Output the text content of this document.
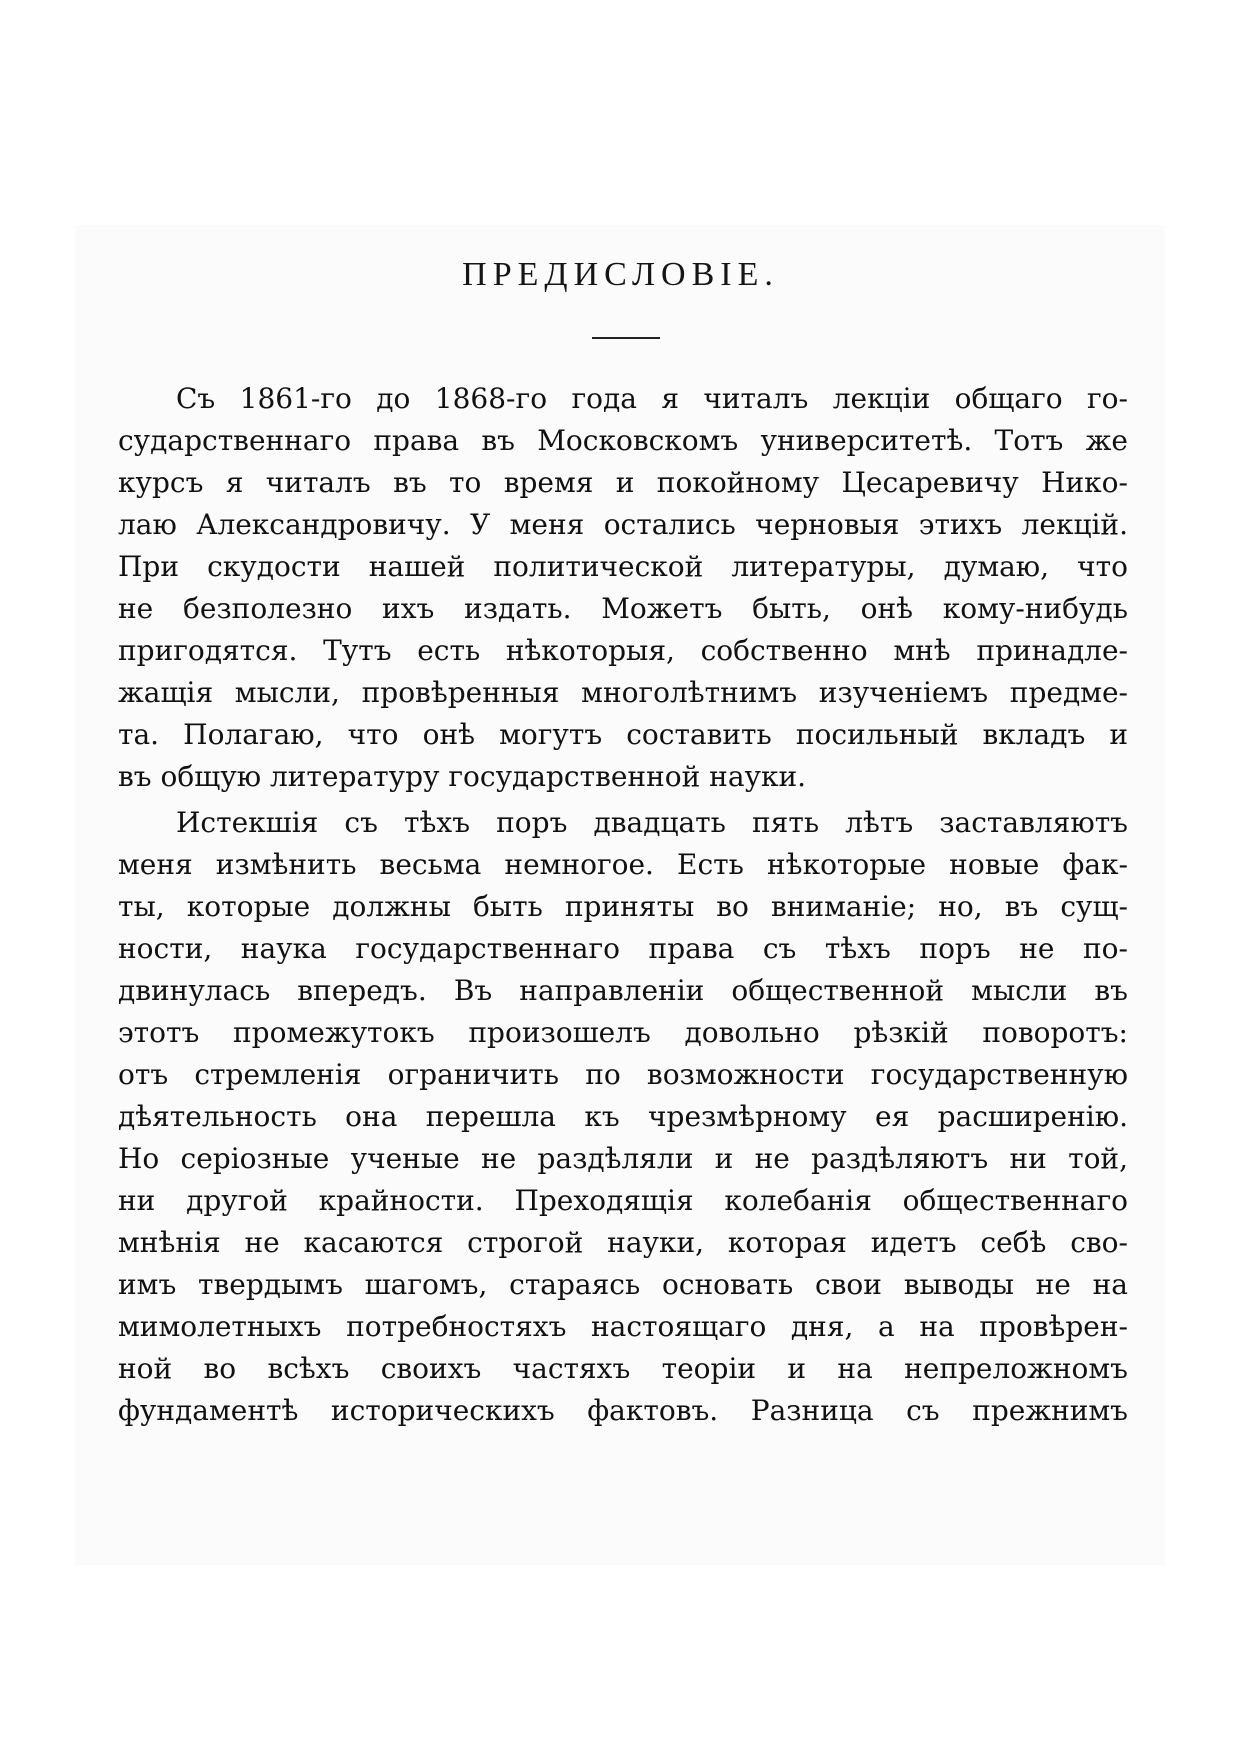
ПРЕДИСЛОВІЕ.
Съ 1861-го до 1868-го года я читалъ лекціи общаго го-
сударственнаго права въ Московскомъ университетѣ. Тотъ же
курсъ я читалъ въ то время и покойному Цесаревичу Нико-
лаю Александровичу. У меня остались черновыя этихъ лекцій.
При скудости нашей политической литературы, думаю, что
не безполезно ихъ издать. Можетъ быть, онѣ кому-нибудь
пригодятся. Тутъ есть нѣкоторыя, собственно мнѣ принадле-
жащія мысли, провѣренныя многолѣтнимъ изученіемъ предме-
та. Полагаю, что онѣ могутъ составить посильный вкладъ и
въ общую литературу государственной науки.
Истекшія съ тѣхъ поръ двадцать пять лѣтъ заставляютъ
меня измѣнить весьма немногое. Есть нѣкоторые новые фак-
ты, которые должны быть приняты во вниманіе; но, въ сущ-
ности, наука государственнаго права съ тѣхъ поръ не по-
двинулась впередъ. Въ направленіи общественной мысли въ
этотъ промежутокъ произошелъ довольно рѣзкій поворотъ:
отъ стремленія ограничить по возможности государственную
дѣятельность она перешла къ чрезмѣрному ея расширенію.
Но серіозные ученые не раздѣляли и не раздѣляютъ ни той,
ни другой крайности. Преходящія колебанія общественнаго
мнѣнія не касаются строгой науки, которая идетъ себѣ сво-
имъ твердымъ шагомъ, стараясь основать свои выводы не на
мимолетныхъ потребностяхъ настоящаго дня, а на провѣрен-
ной во всѣхъ своихъ частяхъ теоріи и на непреложномъ
фундаментѣ историческихъ фактовъ. Разница съ прежнимъ
